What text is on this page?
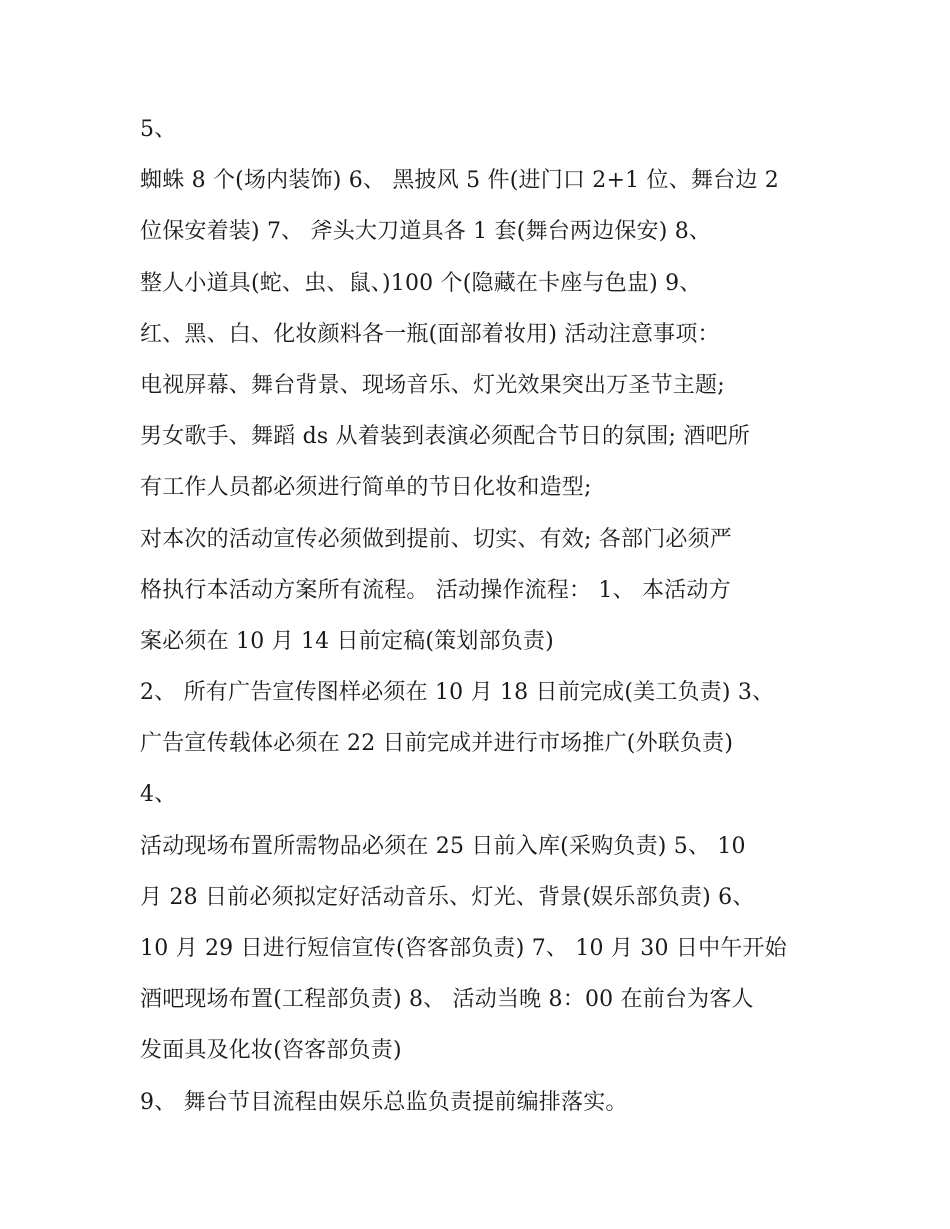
5、
蜘蛛 8 个(场内装饰) 6、 黑披风 5 件(进门口 2+1 位、舞台边 2
位保安着装) 7、 斧头大刀道具各 1 套(舞台两边保安) 8、
整人小道具(蛇、虫、鼠、)100 个(隐藏在卡座与色盅) 9、
红、黑、白、化妆颜料各一瓶(面部着妆用) 活动注意事项：
电视屏幕、舞台背景、现场音乐、灯光效果突出万圣节主题;
男女歌手、舞蹈 ds 从着装到表演必须配合节日的氛围; 酒吧所
有工作人员都必须进行简单的节日化妆和造型;
对本次的活动宣传必须做到提前、切实、有效; 各部门必须严
格执行本活动方案所有流程。 活动操作流程： 1、 本活动方
案必须在 10 月 14 日前定稿(策划部负责)
2、 所有广告宣传图样必须在 10 月 18 日前完成(美工负责) 3、
广告宣传载体必须在 22 日前完成并进行市场推广(外联负责)
4、
活动现场布置所需物品必须在 25 日前入库(采购负责) 5、 10
月 28 日前必须拟定好活动音乐、灯光、背景(娱乐部负责) 6、
10 月 29 日进行短信宣传(咨客部负责) 7、 10 月 30 日中午开始
酒吧现场布置(工程部负责) 8、 活动当晚 8：00 在前台为客人
发面具及化妆(咨客部负责)
9、 舞台节目流程由娱乐总监负责提前编排落实。
